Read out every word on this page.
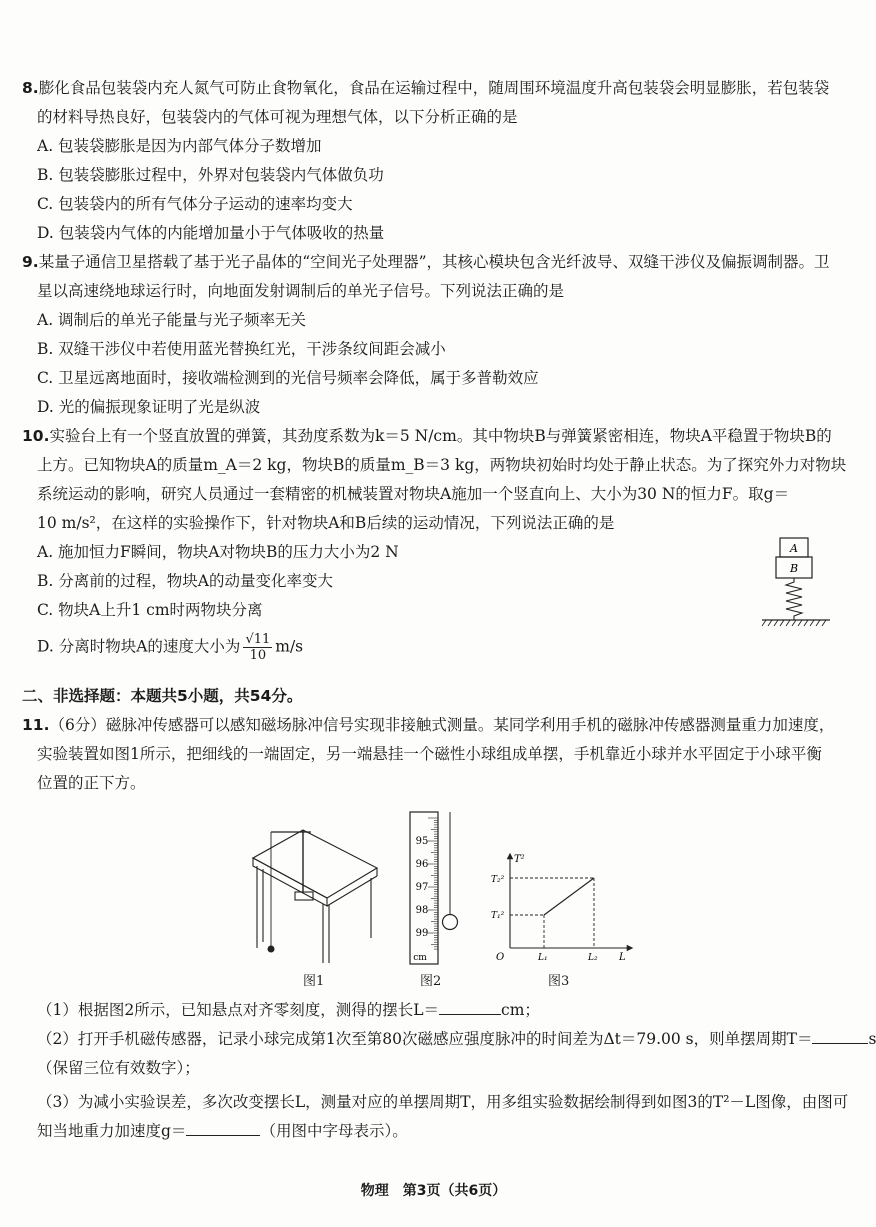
8.膨化食品包装袋内充人氮气可防止食物氧化，食品在运输过程中，随周围环境温度升高包装袋会明显膨胀，若包装袋
的材料导热良好，包装袋内的气体可视为理想气体，以下分析正确的是
A. 包装袋膨胀是因为内部气体分子数增加
B. 包装袋膨胀过程中，外界对包装袋内气体做负功
C. 包装袋内的所有气体分子运动的速率均变大
D. 包装袋内气体的内能增加量小于气体吸收的热量
9.某量子通信卫星搭载了基于光子晶体的“空间光子处理器”，其核心模块包含光纤波导、双缝干涉仪及偏振调制器。卫
星以高速绕地球运行时，向地面发射调制后的单光子信号。下列说法正确的是
A. 调制后的单光子能量与光子频率无关
B. 双缝干涉仪中若使用蓝光替换红光，干涉条纹间距会减小
C. 卫星远离地面时，接收端检测到的光信号频率会降低，属于多普勒效应
D. 光的偏振现象证明了光是纵波
10.实验台上有一个竖直放置的弹簧，其劲度系数为k＝5 N/cm。其中物块B与弹簧紧密相连，物块A平稳置于物块B的
上方。已知物块A的质量m_A＝2 kg，物块B的质量m_B＝3 kg，两物块初始时均处于静止状态。为了探究外力对物块
系统运动的影响，研究人员通过一套精密的机械装置对物块A施加一个竖直向上、大小为30 N的恒力F。取g＝
10 m/s²，在这样的实验操作下，针对物块A和B后续的运动情况，下列说法正确的是
A. 施加恒力F瞬间，物块A对物块B的压力大小为2 N
B. 分离前的过程，物块A的动量变化率变大
C. 物块A上升1 cm时两物块分离
D. 分离时物块A的速度大小为 $\frac{√11}{10} m/s$
A
B
二、非选择题：本题共5小题，共54分。
11.（6分）磁脉冲传感器可以感知磁场脉冲信号实现非接触式测量。某同学利用手机的磁脉冲传感器测量重力加速度，
实验装置如图1所示，把细线的一端固定，另一端悬挂一个磁性小球组成单摆，手机靠近小球并水平固定于小球平衡
位置的正下方。
图1
95
96
97
98
99
cm
图2
T²
L
O
T₂²
T₁²
L₁	L₂
图3
（1）根据图2所示，已知悬点对齐零刻度，测得的摆长L＝	cm；
（2）打开手机磁传感器，记录小球完成第1次至第80次磁感应强度脉冲的时间差为Δt＝79.00 s，则单摆周期T＝	s
（保留三位有效数字）；
（3）为减小实验误差，多次改变摆长L，测量对应的单摆周期T，用多组实验数据绘制得到如图3的T²－L图像，由图可
知当地重力加速度g＝	（用图中字母表示）。
物理　第3页（共6页）
